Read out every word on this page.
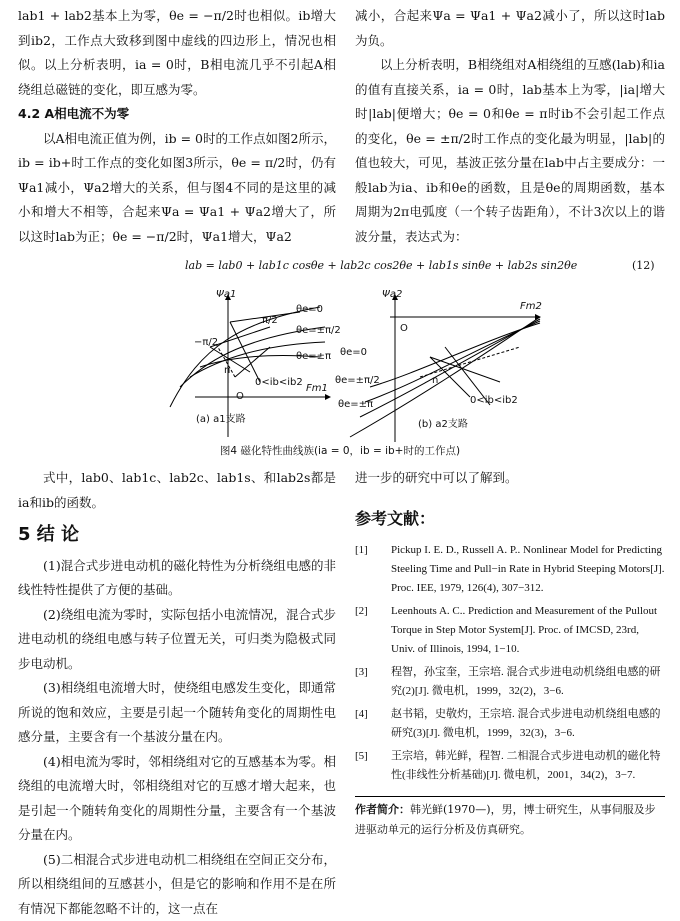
lab1 + lab2基本上为零，θe = −π/2时也相似。ib增大到ib2，工作点大致移到图中虚线的四边形上，情况也相似。以上分析表明，ia = 0时，B相电流几乎不引起A相绕组总磁链的变化，即互感为零。

4.2 A相电流不为零

以A相电流正值为例，ib = 0时的工作点如图2所示，ib = ib+时工作点的变化如图3所示，θe = π/2时，仍有Ψa1减小，Ψa2增大的关系，但与图4不同的是这里的减小和增大不相等，合起来Ψa = Ψa1 + Ψa2增大了，所以这时lab为正；θe = −π/2时，Ψa1增大，Ψa2

减小，合起来Ψa = Ψa1 + Ψa2减小了，所以这时lab为负。

以上分析表明，B相绕组对A相绕组的互感(lab)和ia的值有直接关系，ia = 0时，lab基本上为零，|ia|增大时|lab|便增大；θe = 0和θe = π时ib不会引起工作点的变化，θe = ±π/2时工作点的变化最为明显，|lab|的值也较大，可见，基波正弦分量在lab中占主要成分：一般lab为ia、ib和θe的函数，且是θe的周期函数，基本周期为2π电弧度（一个转子齿距角），不计3次以上的谐波分量，表达式为：

lab = lab0 + lab1c cosθe + lab2c cos2θe + lab1s sinθe + lab2s sin2θe	(12)
Ψa1
Fm1
O
n
θe=0
θe=±π/2
θe=±π
0<ib<ib2
π/2
−π/2
(a) a1支路
Ψa2
Fm2
O
n
θe=0
θe=±π/2
θe=±π	0<ib<ib2
(b) a2支路
图4 磁化特性曲线族(ia = 0，ib = ib+时的工作点)

式中，lab0、lab1c、lab2c、lab1s、和lab2s都是ia和ib的函数。

5 结 论

(1)混合式步进电动机的磁化特性为分析绕组电感的非线性特性提供了方便的基础。

(2)绕组电流为零时，实际包括小电流情况，混合式步进电动机的绕组电感与转子位置无关，可归类为隐极式同步电动机。

(3)相绕组电流增大时，使绕组电感发生变化，即通常所说的饱和效应，主要是引起一个随转角变化的周期性电感分量，主要含有一个基波分量在内。

(4)相电流为零时，邻相绕组对它的互感基本为零。相绕组的电流增大时，邻相绕组对它的互感才增大起来，也是引起一个随转角变化的周期性分量，主要含有一个基波分量在内。

(5)二相混合式步进电动机二相绕组在空间正交分布，所以相绕组间的互感甚小，但是它的影响和作用不是在所有情况下都能忽略不计的，这一点在

进一步的研究中可以了解到。

参考文献：
[1]	Pickup I. E. D., Russell A. P.. Nonlinear Model for Predicting Steeling Time and Pull−in Rate in Hybrid Steeping Motors[J]. Proc. IEE, 1979, 126(4), 307−312.
[2]	Leenhouts A. C.. Prediction and Measurement of the Pullout Torque in Step Motor System[J]. Proc. of IMCSD, 23rd, Univ. of Illinois, 1994, 1−10.
[3]	程智，孙宝奎，王宗培. 混合式步进电动机绕组电感的研究(2)[J]. 微电机，1999，32(2)，3−6.
[4]	赵书韬，史敬灼，王宗培. 混合式步进电动机绕组电感的研究(3)[J]. 微电机，1999，32(3)，3−6.
[5]	王宗培，韩光鲜，程智. 二相混合式步进电动机的磁化特性(非线性分析基础)[J]. 微电机，2001，34(2)，3−7.
作者简介：韩光鲜(1970—)，男，博士研究生，从事伺服及步进驱动单元的运行分析及仿真研究。
